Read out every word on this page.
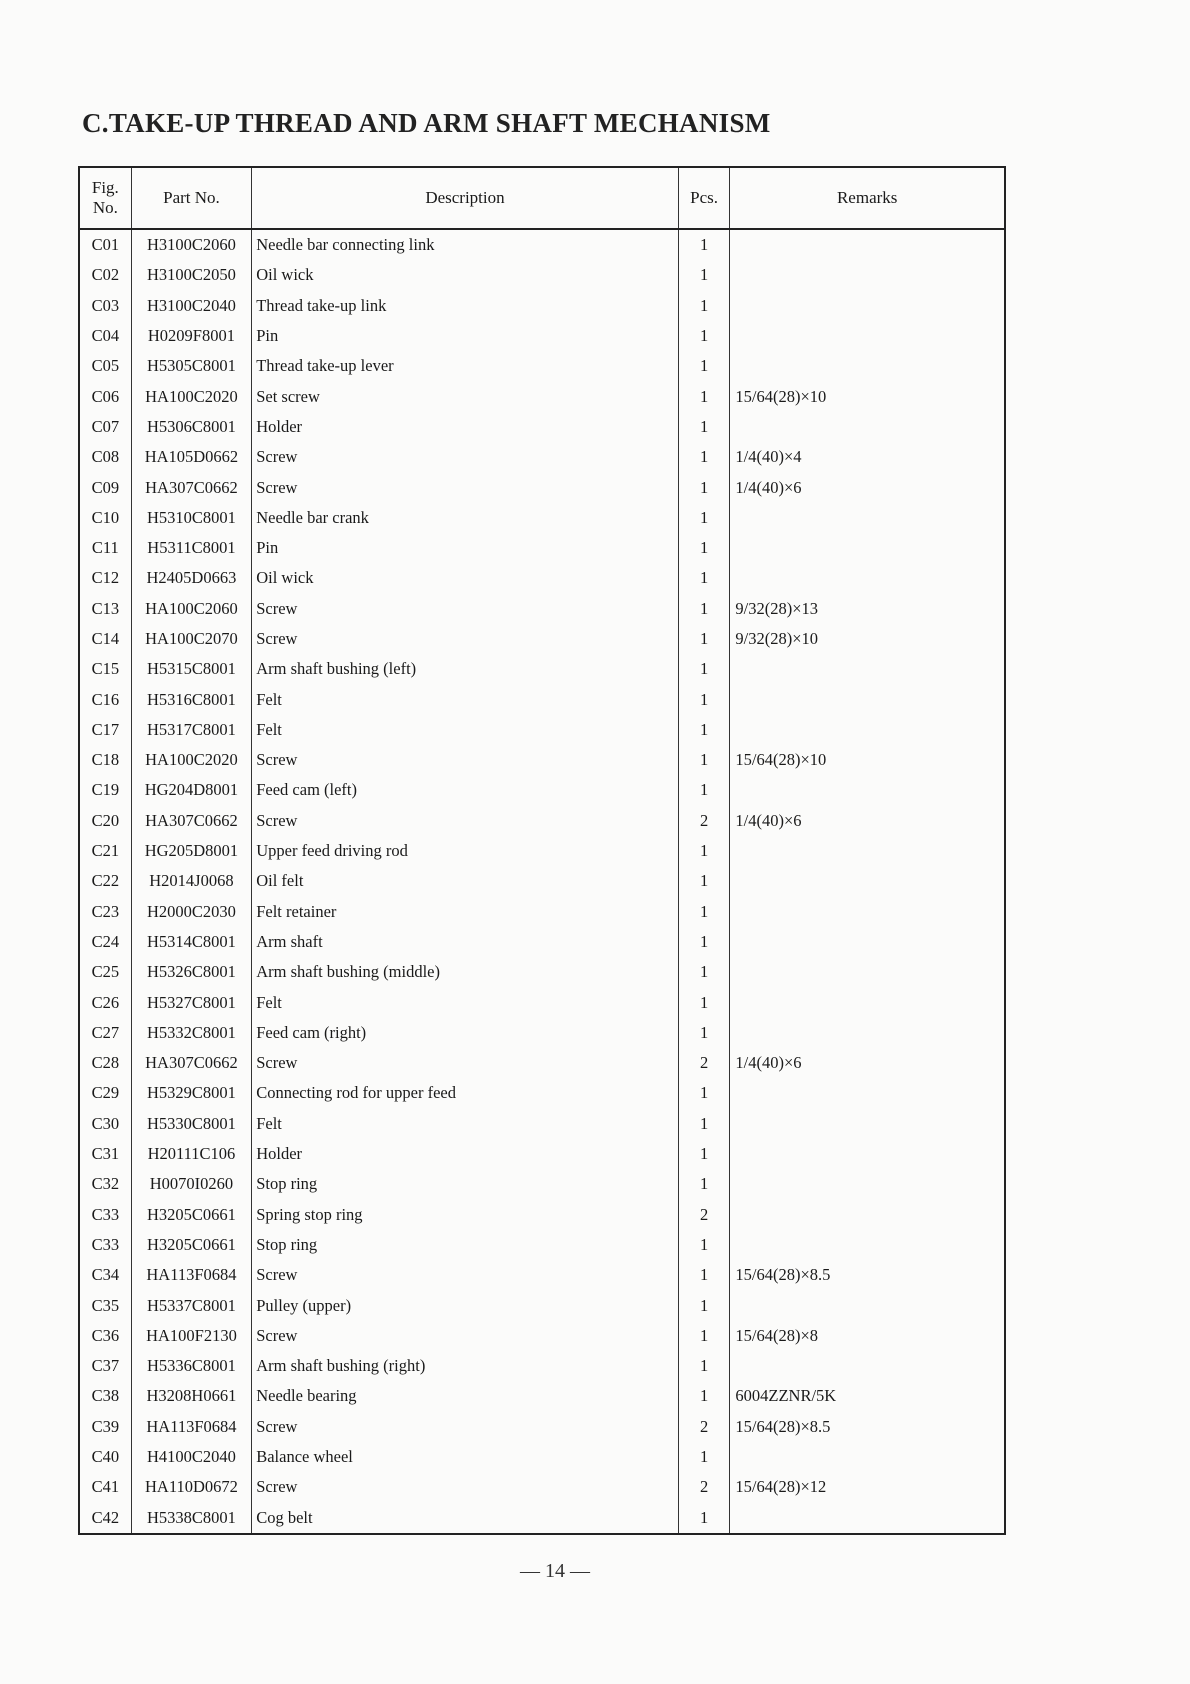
C.TAKE-UP THREAD AND ARM SHAFT MECHANISM
Fig.
No.	Part No.	Description	Pcs.	Remarks
C01	H3100C2060	Needle bar connecting link	1	
C02	H3100C2050	Oil wick	1	
C03	H3100C2040	Thread take-up link	1	
C04	H0209F8001	Pin	1	
C05	H5305C8001	Thread take-up lever	1	
C06	HA100C2020	Set screw	1	15/64(28)×10
C07	H5306C8001	Holder	1	
C08	HA105D0662	Screw	1	1/4(40)×4
C09	HA307C0662	Screw	1	1/4(40)×6
C10	H5310C8001	Needle bar crank	1	
C11	H5311C8001	Pin	1	
C12	H2405D0663	Oil wick	1	
C13	HA100C2060	Screw	1	9/32(28)×13
C14	HA100C2070	Screw	1	9/32(28)×10
C15	H5315C8001	Arm shaft bushing (left)	1	
C16	H5316C8001	Felt	1	
C17	H5317C8001	Felt	1	
C18	HA100C2020	Screw	1	15/64(28)×10
C19	HG204D8001	Feed cam (left)	1	
C20	HA307C0662	Screw	2	1/4(40)×6
C21	HG205D8001	Upper feed driving rod	1	
C22	H2014J0068	Oil felt	1	
C23	H2000C2030	Felt retainer	1	
C24	H5314C8001	Arm shaft	1	
C25	H5326C8001	Arm shaft bushing (middle)	1	
C26	H5327C8001	Felt	1	
C27	H5332C8001	Feed cam (right)	1	
C28	HA307C0662	Screw	2	1/4(40)×6
C29	H5329C8001	Connecting rod for upper feed	1	
C30	H5330C8001	Felt	1	
C31	H20111C106	Holder	1	
C32	H0070I0260	Stop ring	1	
C33	H3205C0661	Spring stop ring	2	
C33	H3205C0661	Stop ring	1	
C34	HA113F0684	Screw	1	15/64(28)×8.5
C35	H5337C8001	Pulley (upper)	1	
C36	HA100F2130	Screw	1	15/64(28)×8
C37	H5336C8001	Arm shaft bushing (right)	1	
C38	H3208H0661	Needle bearing	1	6004ZZNR/5K
C39	HA113F0684	Screw	2	15/64(28)×8.5
C40	H4100C2040	Balance wheel	1	
C41	HA110D0672	Screw	2	15/64(28)×12
C42	H5338C8001	Cog belt	1	
— 14 —
